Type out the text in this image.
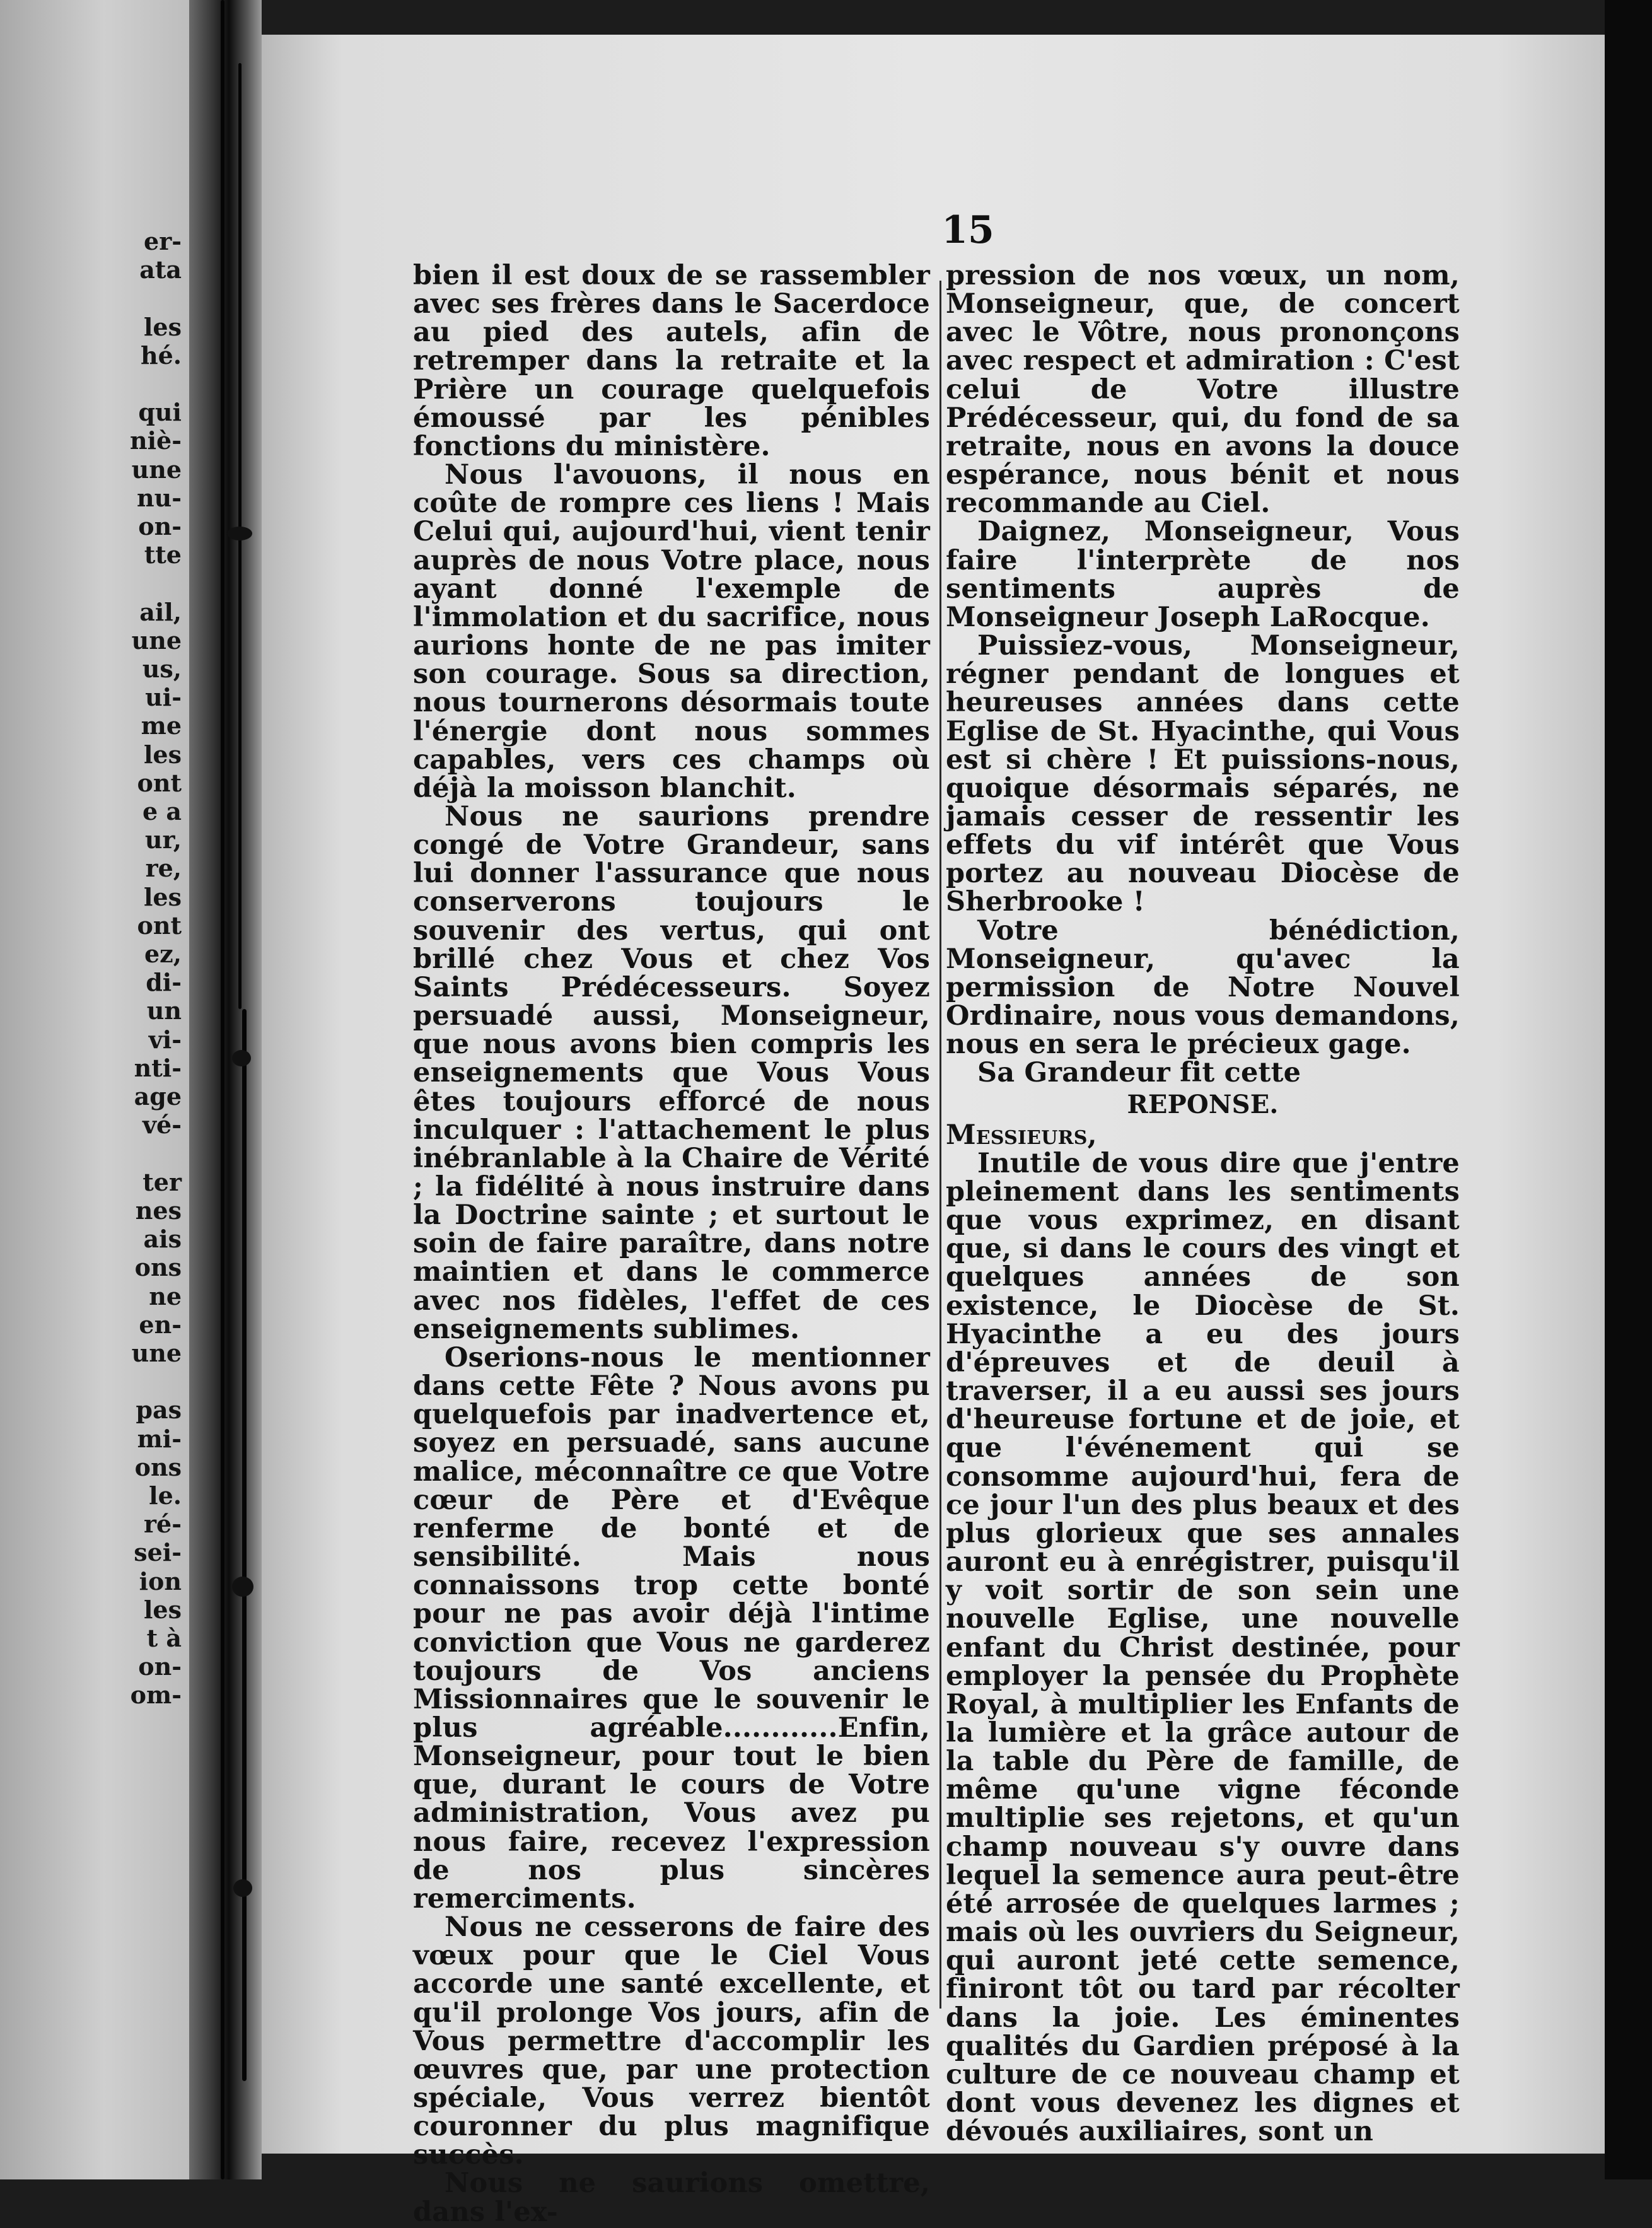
er-
ata

les
hé.

qui
niè-
une
nu-
on-
tte

ail,
une
us,
ui-
me
les
ont
e a
ur,
re,
les
ont
ez,
di-
un
vi-
nti-
age
vé-

ter
nes
ais
ons
ne
en-
une

pas
mi-
ons
le.
ré-
sei-
ion
les
t à
on-
om-
15

bien il est doux de se rassembler avec ses frères dans le Sacerdoce au pied des autels, afin de retremper dans la retraite et la Prière un courage quelquefois émoussé par les pénibles fonctions du ministère.

Nous l'avouons, il nous en coûte de rompre ces liens ! Mais Celui qui, aujourd'hui, vient tenir auprès de nous Votre place, nous ayant donné l'exemple de l'immolation et du sacrifice, nous aurions honte de ne pas imiter son courage. Sous sa direction, nous tournerons désormais toute l'énergie dont nous sommes capables, vers ces champs où déjà la moisson blanchit.

Nous ne saurions prendre congé de Votre Grandeur, sans lui donner l'assurance que nous conserverons toujours le souvenir des vertus, qui ont brillé chez Vous et chez Vos Saints Prédécesseurs. Soyez persuadé aussi, Monseigneur, que nous avons bien compris les enseignements que Vous Vous êtes toujours efforcé de nous inculquer : l'attachement le plus inébranlable à la Chaire de Vérité ; la fidélité à nous instruire dans la Doctrine sainte ; et surtout le soin de faire paraître, dans notre maintien et dans le commerce avec nos fidèles, l'effet de ces enseignements sublimes.

Oserions-nous le mentionner dans cette Fête ? Nous avons pu quelquefois par inadvertence et, soyez en persuadé, sans aucune malice, méconnaître ce que Votre cœur de Père et d'Evêque renferme de bonté et de sensibilité. Mais nous connaissons trop cette bonté pour ne pas avoir déjà l'intime conviction que Vous ne garderez toujours de Vos anciens Missionnaires que le souvenir le plus agréable............Enfin, Monseigneur, pour tout le bien que, durant le cours de Votre administration, Vous avez pu nous faire, recevez l'expression de nos plus sincères remerciments.

Nous ne cesserons de faire des vœux pour que le Ciel Vous accorde une santé excellente, et qu'il prolonge Vos jours, afin de Vous permettre d'accomplir les œuvres que, par une protection spéciale, Vous verrez bientôt couronner du plus magnifique succès.

Nous ne saurions omettre, dans l'ex-

pression de nos vœux, un nom, Monseigneur, que, de concert avec le Vôtre, nous prononçons avec respect et admiration : C'est celui de Votre illustre Prédécesseur, qui, du fond de sa retraite, nous en avons la douce espérance, nous bénit et nous recommande au Ciel.

Daignez, Monseigneur, Vous faire l'interprète de nos sentiments auprès de Monseigneur Joseph LaRocque.

Puissiez-vous, Monseigneur, régner pendant de longues et heureuses années dans cette Eglise de St. Hyacinthe, qui Vous est si chère ! Et puissions-nous, quoique désormais séparés, ne jamais cesser de ressentir les effets du vif intérêt que Vous portez au nouveau Diocèse de Sherbrooke !

Votre bénédiction, Monseigneur, qu'avec la permission de Notre Nouvel Ordinaire, nous vous demandons, nous en sera le précieux gage.

Sa Grandeur fit cette

REPONSE.

Messieurs,

Inutile de vous dire que j'entre pleinement dans les sentiments que vous exprimez, en disant que, si dans le cours des vingt et quelques années de son existence, le Diocèse de St. Hyacinthe a eu des jours d'épreuves et de deuil à traverser, il a eu aussi ses jours d'heureuse fortune et de joie, et que l'événement qui se consomme aujourd'hui, fera de ce jour l'un des plus beaux et des plus glorieux que ses annales auront eu à enrégistrer, puisqu'il y voit sortir de son sein une nouvelle Eglise, une nouvelle enfant du Christ destinée, pour employer la pensée du Prophète Royal, à multiplier les Enfants de la lumière et la grâce autour de la table du Père de famille, de même qu'une vigne féconde multiplie ses rejetons, et qu'un champ nouveau s'y ouvre dans lequel la semence aura peut-être été arrosée de quelques larmes ; mais où les ouvriers du Seigneur, qui auront jeté cette semence, finiront tôt ou tard par récolter dans la joie. Les éminentes qualités du Gardien préposé à la culture de ce nouveau champ et dont vous devenez les dignes et dévoués auxiliaires, sont un
